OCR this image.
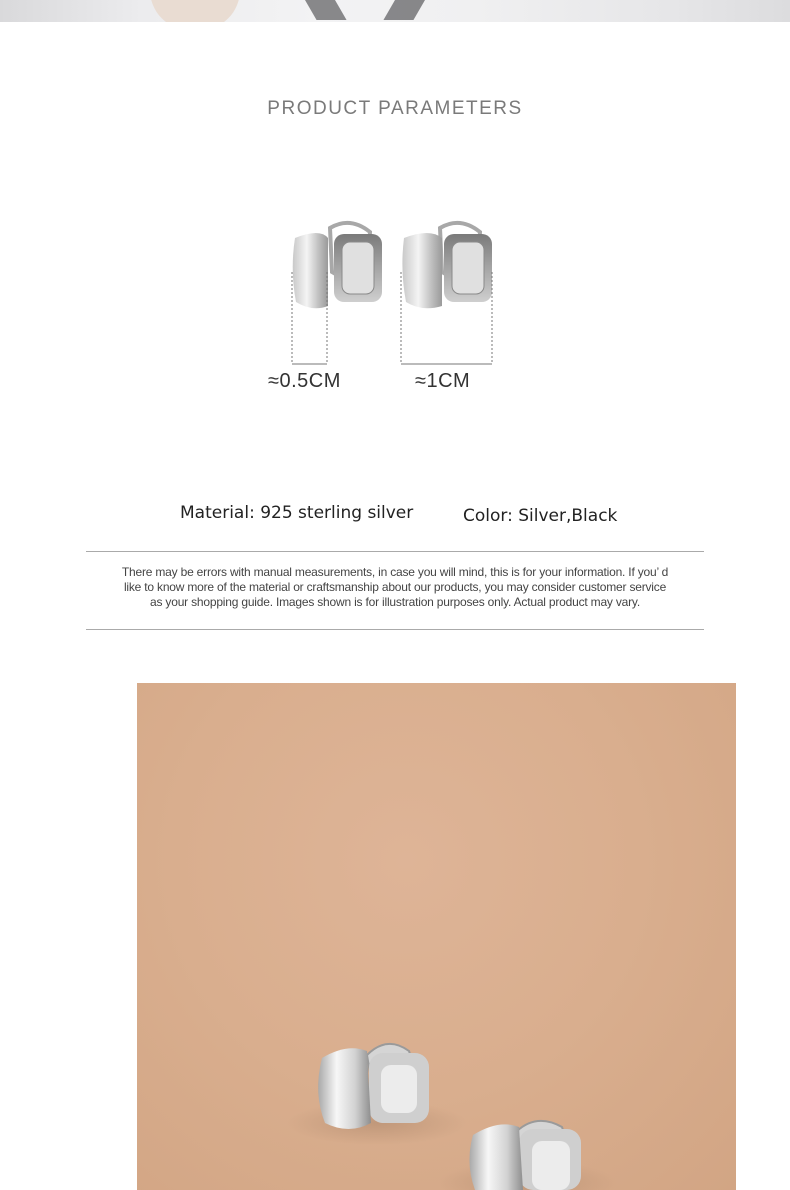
PRODUCT PARAMETERS
≈0.5CM	≈1CM
Material: 925 sterling silver	Color: Silver,Black
There may be errors with manual measurements, in case you will mind, this is for your information. If you’ d
like to know more of the material or craftsmanship about our products, you may consider customer service
as your shopping guide. Images shown is for illustration purposes only. Actual product may vary.
